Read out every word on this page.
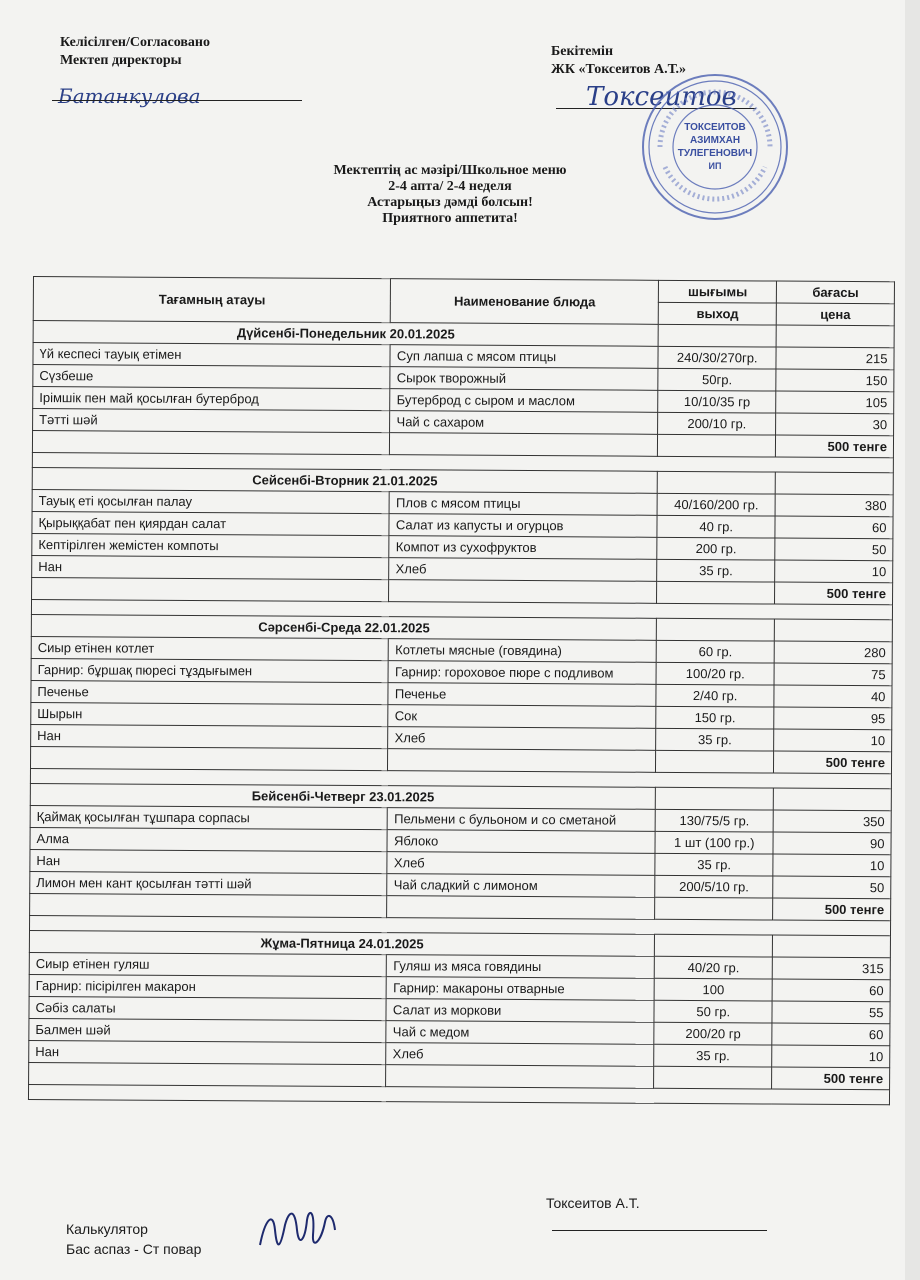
Келісілген/Согласовано
Мектеп директоры
Батанкулова
Бекітемін
ЖК «Токсеитов А.Т.»
Токсеитов
ТОКСЕИТОВ
АЗИМХАН
ТУЛЕГЕНОВИЧ
ИП
Мектептің ас мәзірі/Школьное меню
2-4 апта/ 2-4 неделя
Астарыңыз дәмді болсын!
Приятного аппетита!
Тағамның атауы	Наименование блюда	шығымы	бағасы
		выход	цена
Дүйсенбі-Понедельник 20.01.2025			
Үй кеспесі тауық етімен	Суп лапша с мясом птицы	240/30/270гр.	215
Сүзбеше	Сырок творожный	50гр.	150
Ірімшік пен май қосылған бутерброд	Бутерброд с сыром и маслом	10/10/35 гр	105
Тәтті шәй	Чай с сахаром	200/10 гр.	30
			500 тенге

Сейсенбі-Вторник 21.01.2025			
Тауық еті қосылған палау	Плов с мясом птицы	40/160/200 гр.	380
Қырыққабат пен қиярдан салат	Салат из капусты и огурцов	40 гр.	60
Кептірілген жемістен компоты	Компот из сухофруктов	200 гр.	50
Нан	Хлеб	35 гр.	10
			500 тенге

Сәрсенбі-Среда 22.01.2025			
Сиыр етінен котлет	Котлеты мясные (говядина)	60 гр.	280
Гарнир: бұршақ пюресі тұздығымен	Гарнир: гороховое пюре с подливом	100/20 гр.	75
Печенье	Печенье	2/40 гр.	40
Шырын	Сок	150 гр.	95
Нан	Хлеб	35 гр.	10
			500 тенге

Бейсенбі-Четверг 23.01.2025			
Қаймақ қосылған тұшпара сорпасы	Пельмени с бульоном и со сметаной	130/75/5 гр.	350
Алма	Яблоко	1 шт (100 гр.)	90
Нан	Хлеб	35 гр.	10
Лимон мен кант қосылған тәтті шәй	Чай сладкий с лимоном	200/5/10 гр.	50
			500 тенге

Жұма-Пятница 24.01.2025			
Сиыр етінен гуляш	Гуляш из мяса говядины	40/20 гр.	315
Гарнир: пісірілген макарон	Гарнир: макароны отварные	100	60
Сәбіз салаты	Салат из моркови	50 гр.	55
Балмен шәй	Чай с медом	200/20 гр	60
Нан	Хлеб	35 гр.	10
			500 тенге

Калькулятор
Бас аспаз - Ст повар
Токсеитов А.Т.
